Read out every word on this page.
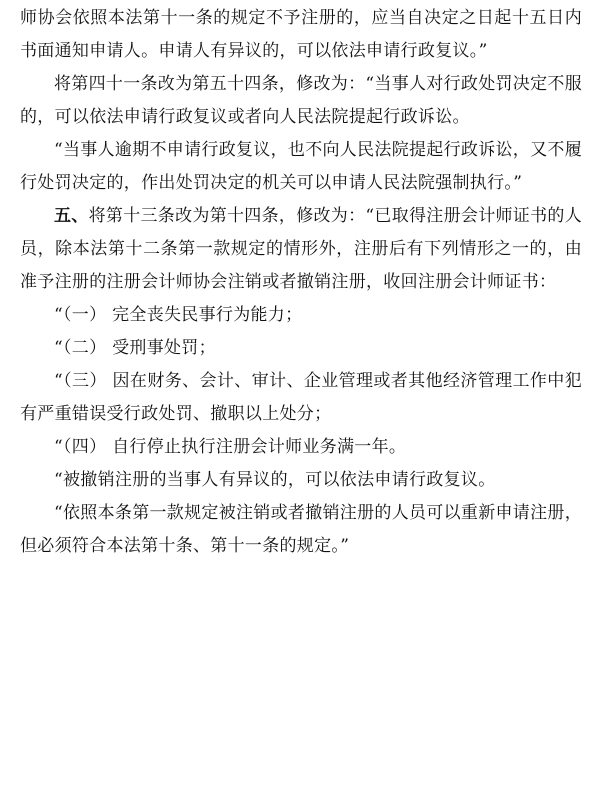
师协会依照本法第十一条的规定不予注册的，应当自决定之日起十五日内书面通知申请人。申请人有异议的，可以依法申请行政复议。”

将第四十一条改为第五十四条，修改为：“当事人对行政处罚决定不服的，可以依法申请行政复议或者向人民法院提起行政诉讼。

“当事人逾期不申请行政复议，也不向人民法院提起行政诉讼，又不履行处罚决定的，作出处罚决定的机关可以申请人民法院强制执行。”

五、将第十三条改为第十四条，修改为：“已取得注册会计师证书的人员，除本法第十二条第一款规定的情形外，注册后有下列情形之一的，由准予注册的注册会计师协会注销或者撤销注册，收回注册会计师证书：

“（一） 完全丧失民事行为能力；

“（二） 受刑事处罚；

“（三） 因在财务、会计、审计、企业管理或者其他经济管理工作中犯有严重错误受行政处罚、撤职以上处分；

“（四） 自行停止执行注册会计师业务满一年。

“被撤销注册的当事人有异议的，可以依法申请行政复议。

“依照本条第一款规定被注销或者撤销注册的人员可以重新申请注册，但必须符合本法第十条、第十一条的规定。”
